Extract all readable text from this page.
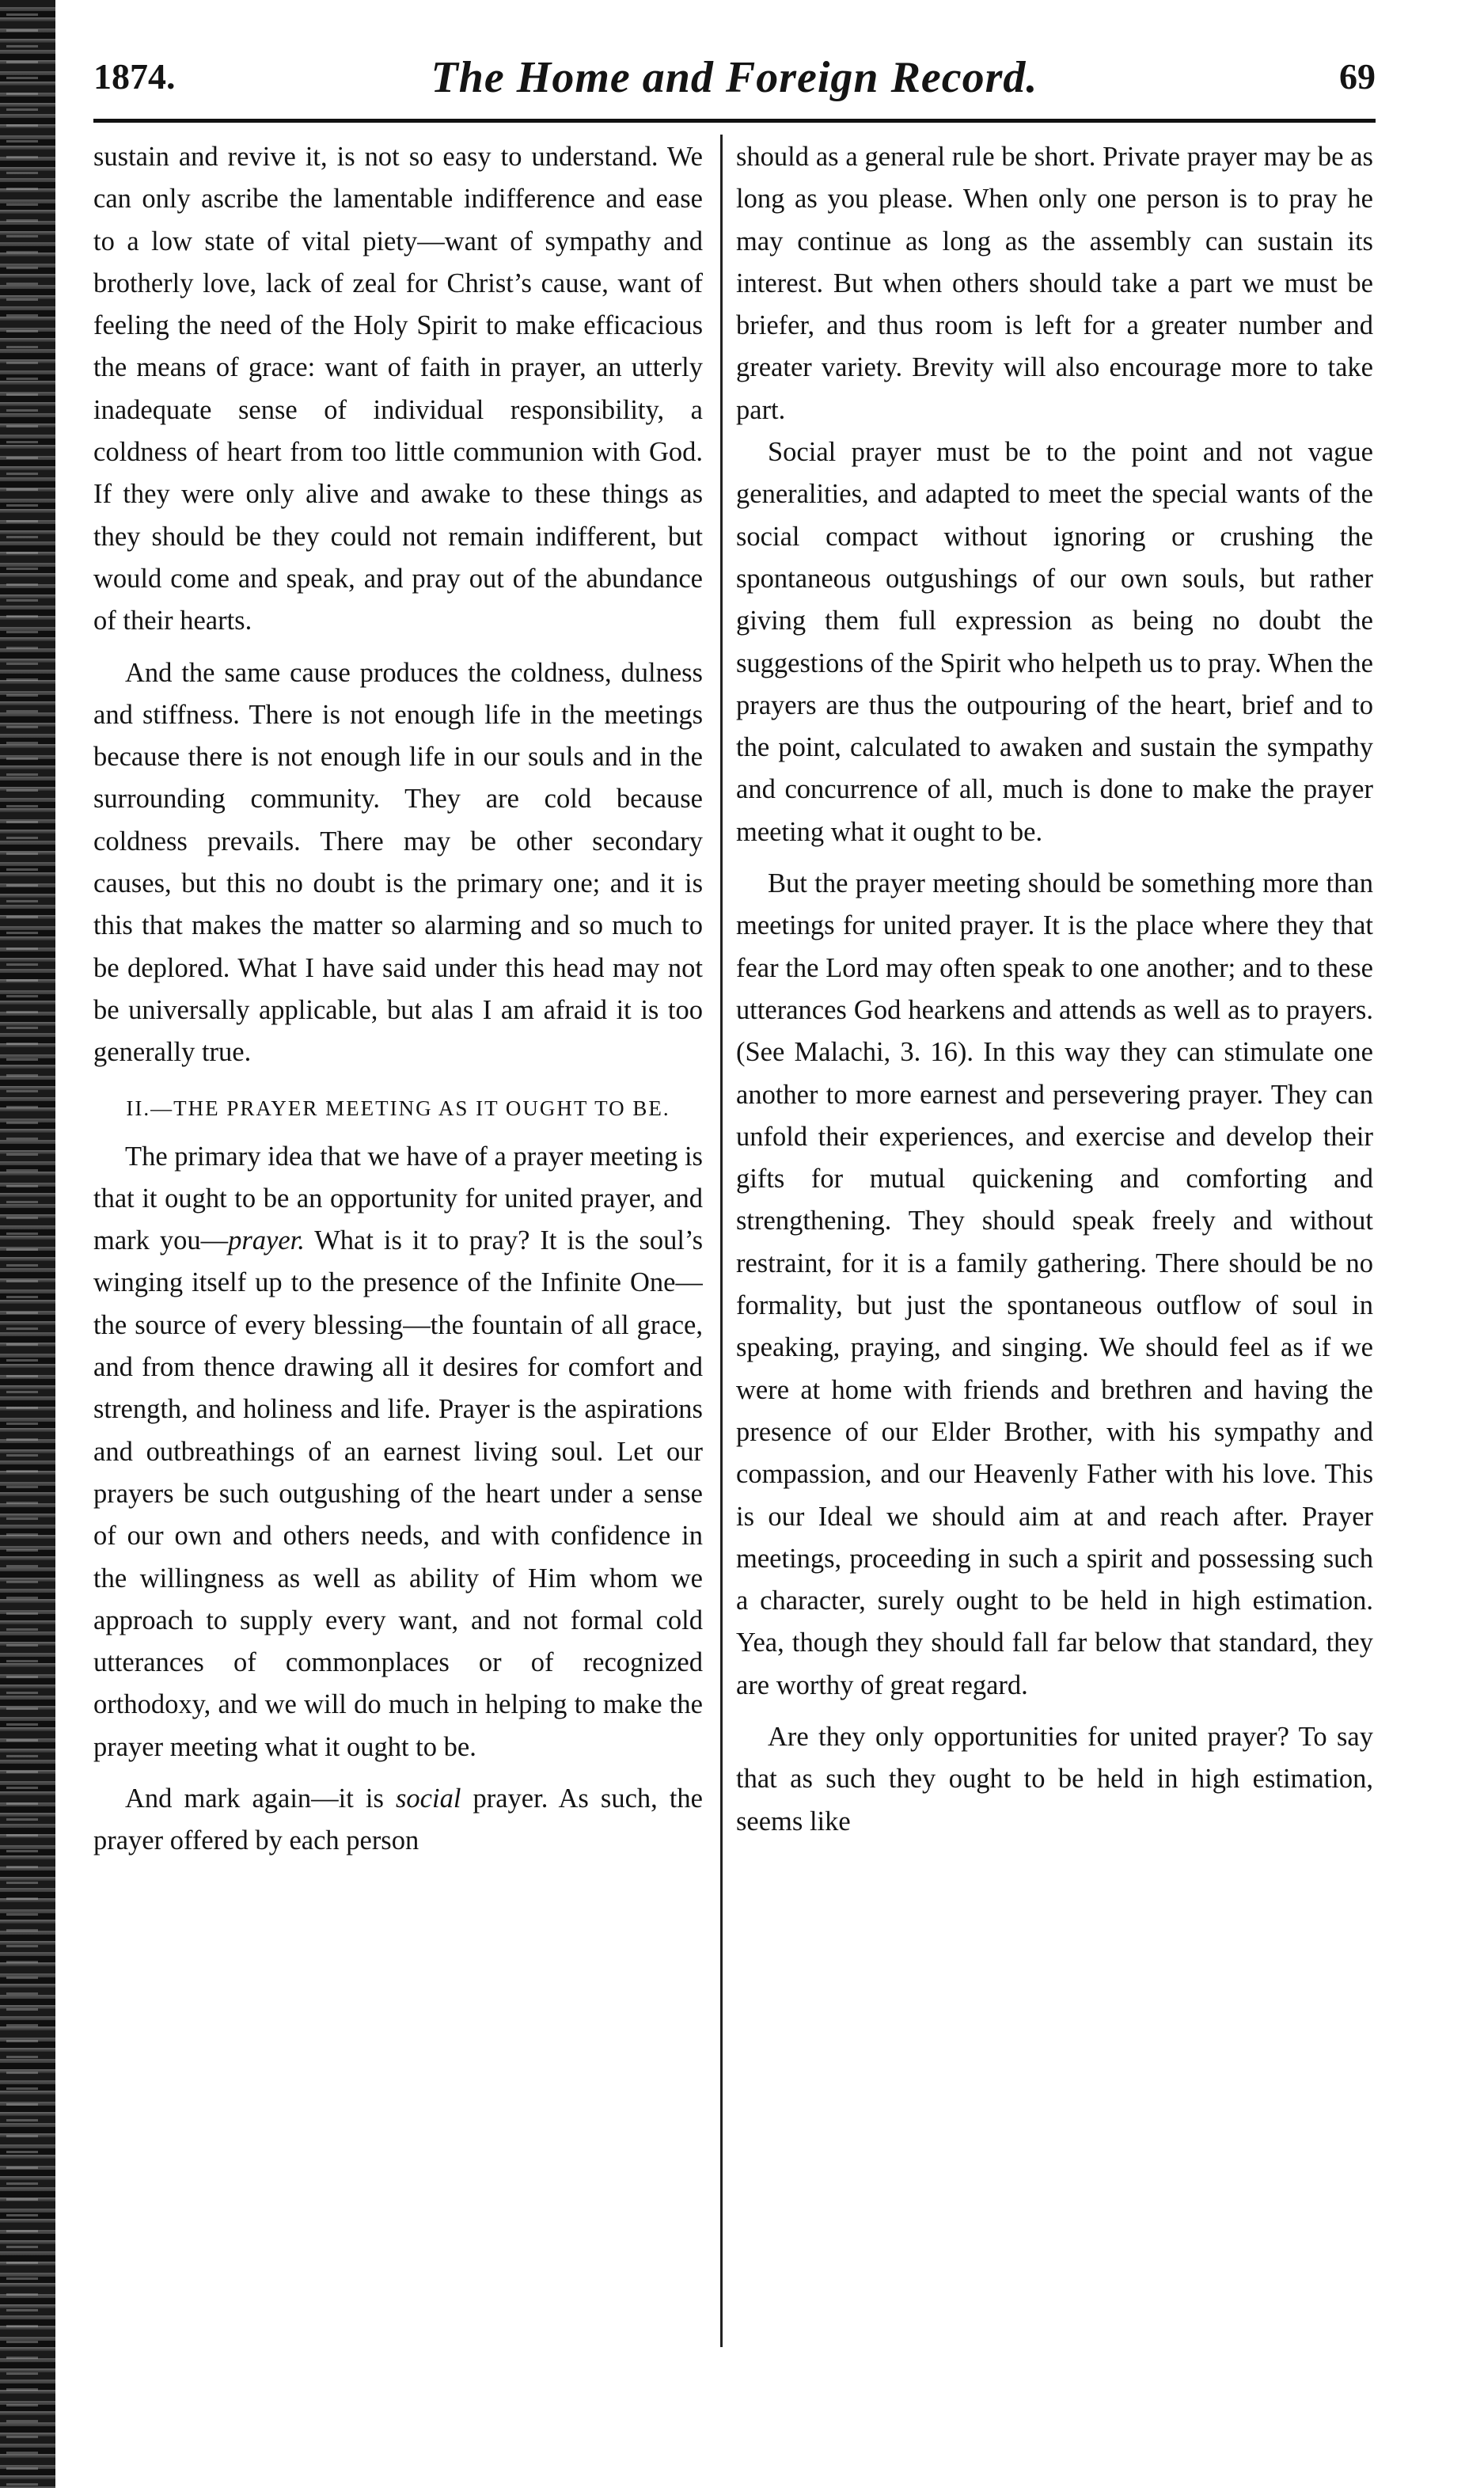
1874.	The Home and Foreign Record.	69

sustain and revive it, is not so easy to understand. We can only ascribe the lamentable indifference and ease to a low state of vital piety—want of sympathy and brotherly love, lack of zeal for Christ’s cause, want of feeling the need of the Holy Spirit to make efficacious the means of grace: want of faith in prayer, an utterly inadequate sense of individual responsibility, a coldness of heart from too little communion with God. If they were only alive and awake to these things as they should be they could not remain indifferent, but would come and speak, and pray out of the abundance of their hearts.

And the same cause produces the coldness, dulness and stiffness. There is not enough life in the meetings because there is not enough life in our souls and in the surrounding community. They are cold because coldness prevails. There may be other secondary causes, but this no doubt is the primary one; and it is this that makes the matter so alarming and so much to be deplored. What I have said under this head may not be universally applicable, but alas I am afraid it is too generally true.

II.—THE PRAYER MEETING AS IT OUGHT TO BE.

The primary idea that we have of a prayer meeting is that it ought to be an opportunity for united prayer, and mark you—prayer. What is it to pray? It is the soul’s winging itself up to the presence of the Infinite One—the source of every blessing—the fountain of all grace, and from thence drawing all it desires for comfort and strength, and holiness and life. Prayer is the aspirations and outbreathings of an earnest living soul. Let our prayers be such outgushing of the heart under a sense of our own and others needs, and with confidence in the willingness as well as ability of Him whom we approach to supply every want, and not formal cold utterances of commonplaces or of recognized orthodoxy, and we will do much in helping to make the prayer meeting what it ought to be.

And mark again—it is social prayer. As such, the prayer offered by each person

should as a general rule be short. Private prayer may be as long as you please. When only one person is to pray he may continue as long as the assembly can sustain its interest. But when others should take a part we must be briefer, and thus room is left for a greater number and greater variety. Brevity will also encourage more to take part.

Social prayer must be to the point and not vague generalities, and adapted to meet the special wants of the social compact without ignoring or crushing the spontaneous outgushings of our own souls, but rather giving them full expression as being no doubt the suggestions of the Spirit who helpeth us to pray. When the prayers are thus the outpouring of the heart, brief and to the point, calculated to awaken and sustain the sympathy and concurrence of all, much is done to make the prayer meeting what it ought to be.

But the prayer meeting should be something more than meetings for united prayer. It is the place where they that fear the Lord may often speak to one another; and to these utterances God hearkens and attends as well as to prayers. (See Malachi, 3. 16). In this way they can stimulate one another to more earnest and persevering prayer. They can unfold their experiences, and exercise and develop their gifts for mutual quickening and comforting and strengthening. They should speak freely and without restraint, for it is a family gathering. There should be no formality, but just the spontaneous outflow of soul in speaking, praying, and singing. We should feel as if we were at home with friends and brethren and having the presence of our Elder Brother, with his sympathy and compassion, and our Heavenly Father with his love. This is our Ideal we should aim at and reach after. Prayer meetings, proceeding in such a spirit and possessing such a character, surely ought to be held in high estimation. Yea, though they should fall far below that standard, they are worthy of great regard.

Are they only opportunities for united prayer? To say that as such they ought to be held in high estimation, seems like
